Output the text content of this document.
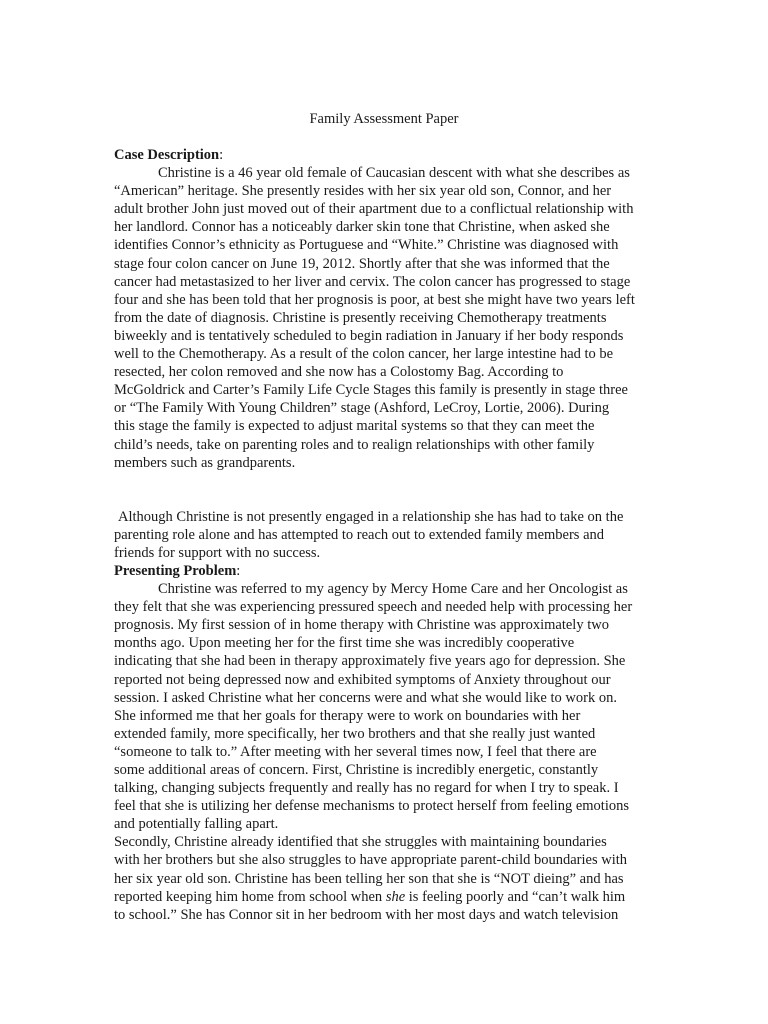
Family Assessment Paper
Case Description:
Christine is a 46 year old female of Caucasian descent with what she describes as
“American” heritage. She presently resides with her six year old son, Connor, and her
adult brother John just moved out of their apartment due to a conflictual relationship with
her landlord. Connor has a noticeably darker skin tone that Christine, when asked she
identifies Connor’s ethnicity as Portuguese and “White.” Christine was diagnosed with
stage four colon cancer on June 19, 2012. Shortly after that she was informed that the
cancer had metastasized to her liver and cervix. The colon cancer has progressed to stage
four and she has been told that her prognosis is poor, at best she might have two years left
from the date of diagnosis. Christine is presently receiving Chemotherapy treatments
biweekly and is tentatively scheduled to begin radiation in January if her body responds
well to the Chemotherapy. As a result of the colon cancer, her large intestine had to be
resected, her colon removed and she now has a Colostomy Bag. According to
McGoldrick and Carter’s Family Life Cycle Stages this family is presently in stage three
or “The Family With Young Children” stage (Ashford, LeCroy, Lortie, 2006). During
this stage the family is expected to adjust marital systems so that they can meet the
child’s needs, take on parenting roles and to realign relationships with other family
members such as grandparents.
Although Christine is not presently engaged in a relationship she has had to take on the
parenting role alone and has attempted to reach out to extended family members and
friends for support with no success.
Presenting Problem:
Christine was referred to my agency by Mercy Home Care and her Oncologist as
they felt that she was experiencing pressured speech and needed help with processing her
prognosis. My first session of in home therapy with Christine was approximately two
months ago. Upon meeting her for the first time she was incredibly cooperative
indicating that she had been in therapy approximately five years ago for depression. She
reported not being depressed now and exhibited symptoms of Anxiety throughout our
session. I asked Christine what her concerns were and what she would like to work on.
She informed me that her goals for therapy were to work on boundaries with her
extended family, more specifically, her two brothers and that she really just wanted
“someone to talk to.” After meeting with her several times now, I feel that there are
some additional areas of concern. First, Christine is incredibly energetic, constantly
talking, changing subjects frequently and really has no regard for when I try to speak. I
feel that she is utilizing her defense mechanisms to protect herself from feeling emotions
and potentially falling apart.
Secondly, Christine already identified that she struggles with maintaining boundaries
with her brothers but she also struggles to have appropriate parent-child boundaries with
her six year old son. Christine has been telling her son that she is “NOT dieing” and has
reported keeping him home from school when she is feeling poorly and “can’t walk him
to school.” She has Connor sit in her bedroom with her most days and watch television
